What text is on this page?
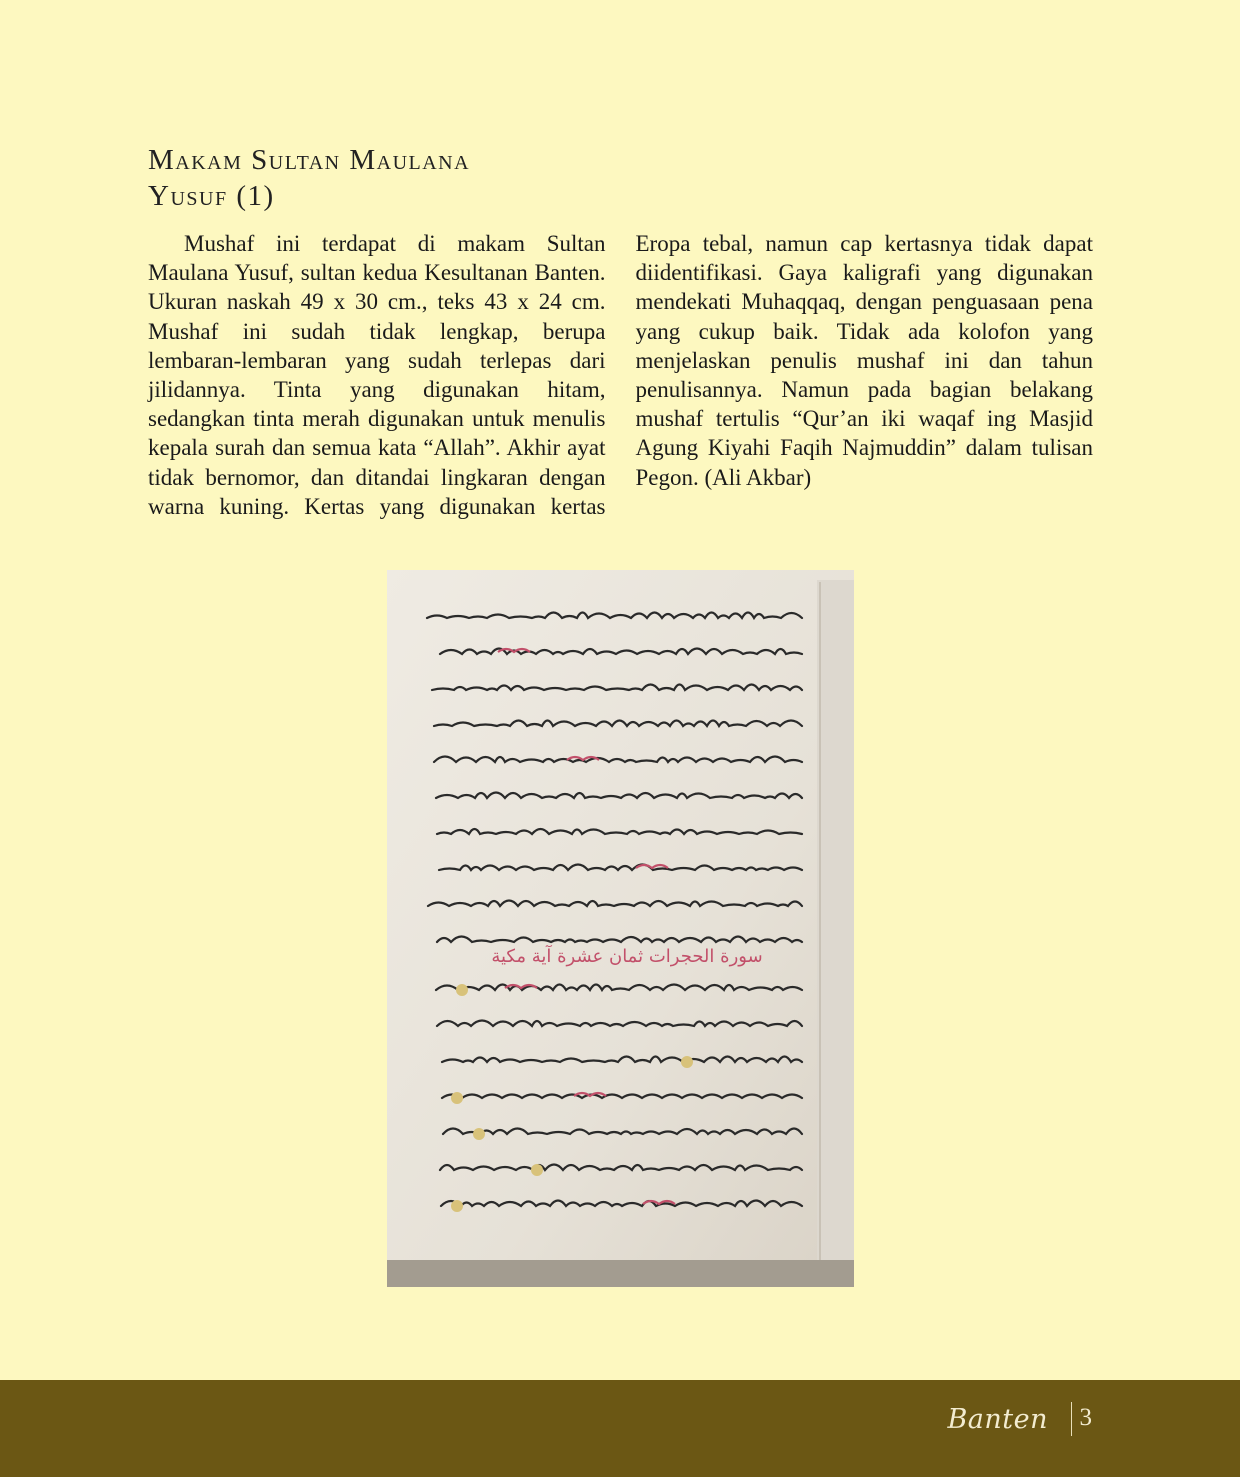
Makam Sultan Maulana
Yusuf (1)

Mushaf ini terdapat di makam Sultan Maulana Yusuf, sultan kedua Kesultanan Banten. Ukuran naskah 49 x 30 cm., teks 43 x 24 cm. Mushaf ini sudah tidak lengkap, berupa lembaran-lembaran yang sudah terlepas dari jilidannya. Tinta yang digunakan hitam, sedangkan tinta merah digunakan untuk menulis kepala surah dan semua kata “Allah”. Akhir ayat tidak bernomor, dan ditandai lingkaran dengan warna kuning. Kertas yang digunakan kertas Eropa tebal, namun cap kertasnya tidak dapat diidentifikasi. Gaya kaligrafi yang digunakan mendekati Muhaqqaq, dengan penguasaan pena yang cukup baik. Tidak ada kolofon yang menjelaskan penulis mushaf ini dan tahun penulisannya. Namun pada bagian belakang mushaf tertulis “Qur’an iki waqaf ing Masjid Agung Kiyahi Faqih Najmuddin” dalam tulisan Pegon. (Ali Akbar)

سورة الحجرات ثمان عشرة آية مكية
Banten 3
